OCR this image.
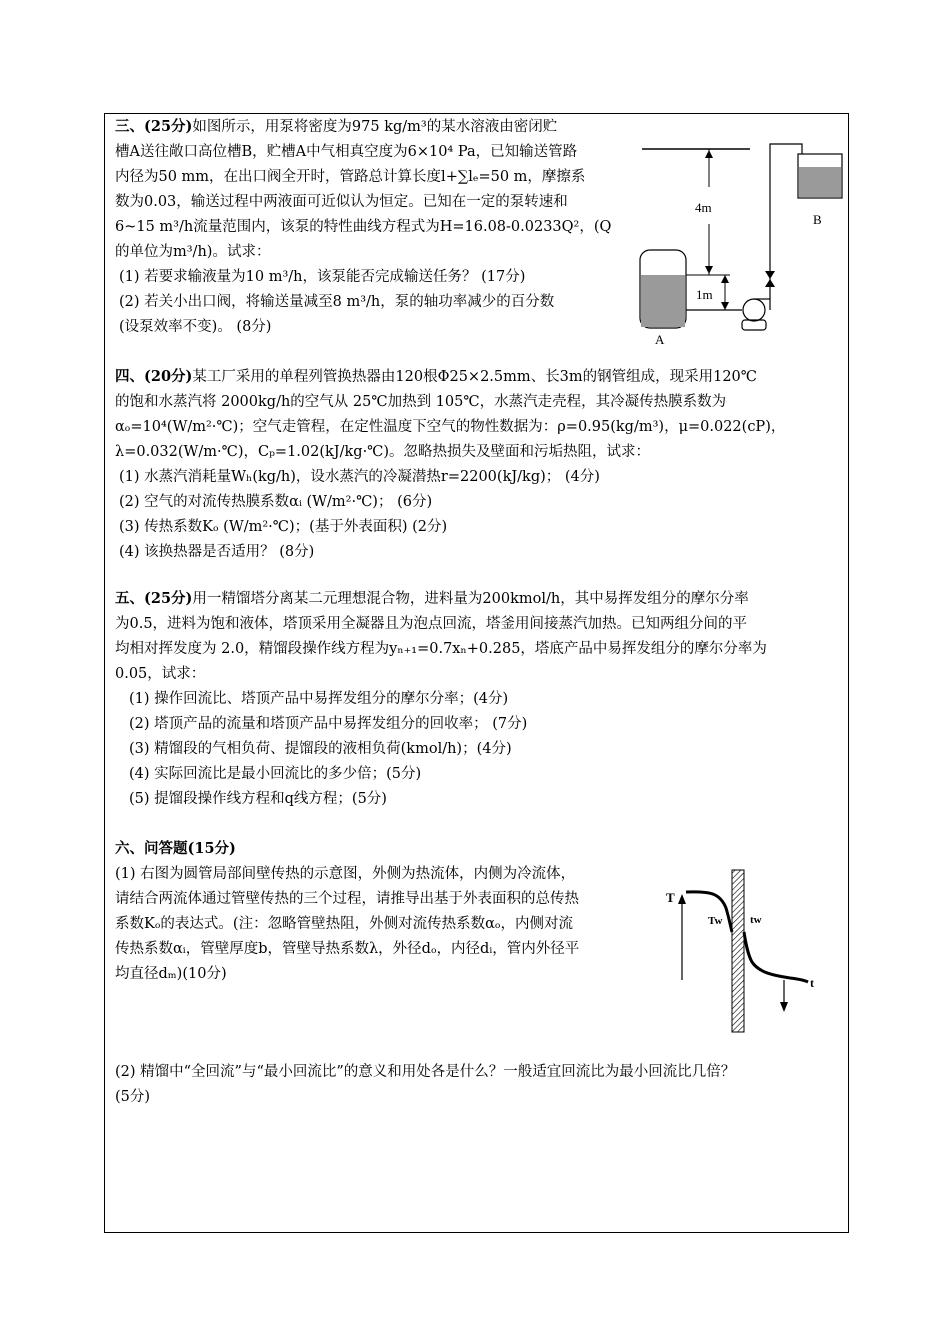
三、(25分)如图所示，用泵将密度为975 kg/m³的某水溶液由密闭贮

槽A送往敞口高位槽B，贮槽A中气相真空度为6×10⁴ Pa，已知输送管路

内径为50 mm，在出口阀全开时，管路总计算长度l+∑lₑ=50 m，摩擦系

数为0.03，输送过程中两液面可近似认为恒定。已知在一定的泵转速和

6~15 m³/h流量范围内，该泵的特性曲线方程式为H=16.08-0.0233Q²，(Q

的单位为m³/h)。试求：

(1) 若要求输液量为10 m³/h，该泵能否完成输送任务？ (17分)

(2) 若关小出口阀，将输送量减至8 m³/h，泵的轴功率减少的百分数

(设泵效率不变)。 (8分)

4m
B
1m
A

四、(20分)某工厂采用的单程列管换热器由120根Φ25×2.5mm、长3m的钢管组成，现采用120℃

的饱和水蒸汽将 2000kg/h的空气从 25℃加热到 105℃，水蒸汽走壳程，其冷凝传热膜系数为

αₒ=10⁴(W/m²·℃)；空气走管程，在定性温度下空气的物性数据为：ρ=0.95(kg/m³)，μ=0.022(cP)，

λ=0.032(W/m·℃)，Cₚ=1.02(kJ/kg·℃)。忽略热损失及壁面和污垢热阻，试求：

(1) 水蒸汽消耗量Wₕ(kg/h)，设水蒸汽的冷凝潜热r=2200(kJ/kg)； (4分)

(2) 空气的对流传热膜系数αᵢ (W/m²·℃)； (6分)

(3) 传热系数Kₒ (W/m²·℃)；(基于外表面积) (2分)

(4) 该换热器是否适用？ (8分)

五、(25分)用一精馏塔分离某二元理想混合物，进料量为200kmol/h，其中易挥发组分的摩尔分率

为0.5，进料为饱和液体，塔顶采用全凝器且为泡点回流，塔釜用间接蒸汽加热。已知两组分间的平

均相对挥发度为 2.0，精馏段操作线方程为yₙ₊₁=0.7xₙ+0.285，塔底产品中易挥发组分的摩尔分率为

0.05，试求：

(1) 操作回流比、塔顶产品中易挥发组分的摩尔分率；(4分)

(2) 塔顶产品的流量和塔顶产品中易挥发组分的回收率； (7分)

(3) 精馏段的气相负荷、提馏段的液相负荷(kmol/h)；(4分)

(4) 实际回流比是最小回流比的多少倍；(5分)

(5) 提馏段操作线方程和q线方程；(5分)

六、问答题(15分)

(1) 右图为圆管局部间壁传热的示意图，外侧为热流体，内侧为冷流体，

请结合两流体通过管壁传热的三个过程，请推导出基于外表面积的总传热

系数Kₒ的表达式。(注：忽略管壁热阻，外侧对流传热系数αₒ，内侧对流

传热系数αᵢ，管壁厚度b，管壁导热系数λ，外径dₒ，内径dᵢ，管内外径平

均直径dₘ)(10分)

(2) 精馏中“全回流”与“最小回流比”的意义和用处各是什么？一般适宜回流比为最小回流比几倍？

(5分)

T
Tw	tw
t
